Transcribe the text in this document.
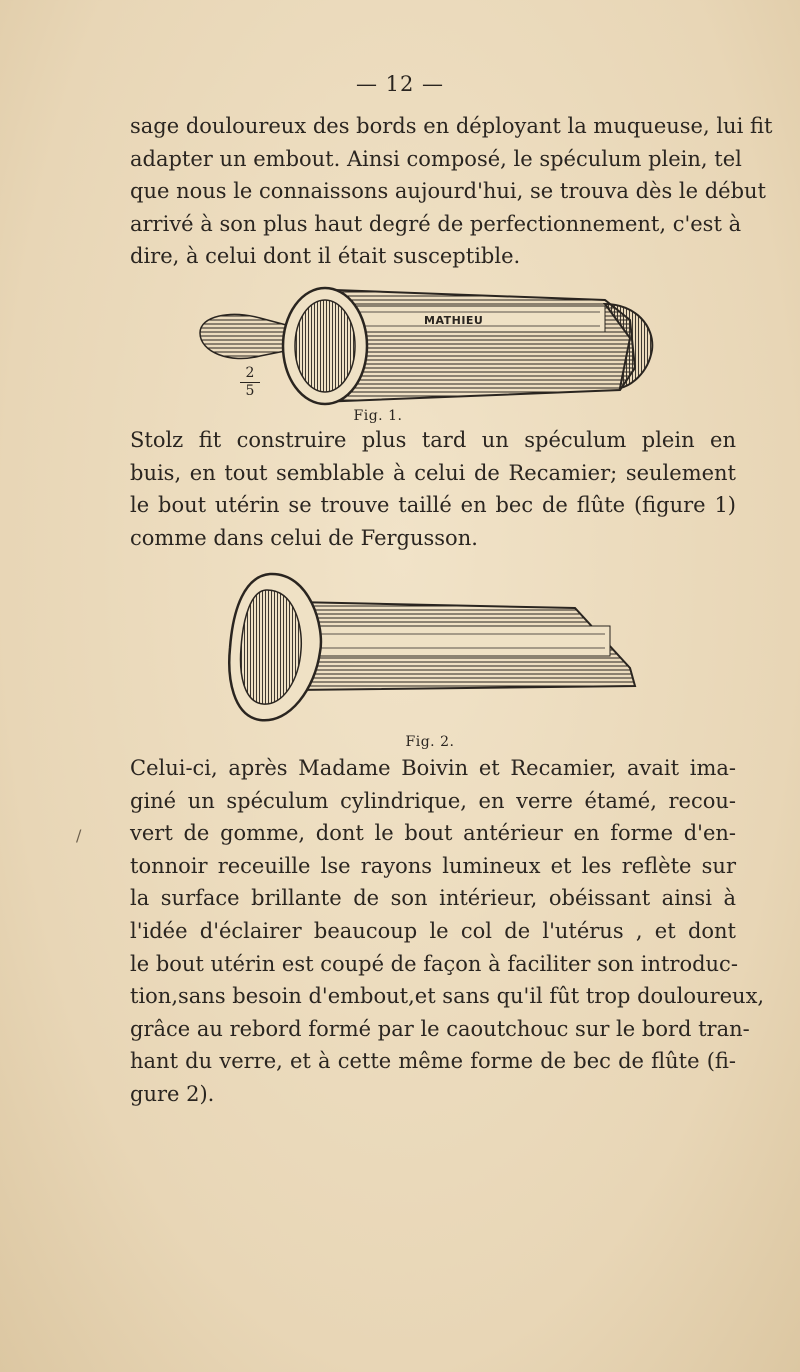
— 12 —
sage douloureux des bords en déployant la muqueuse, lui fit
adapter un embout. Ainsi composé, le spéculum plein, tel
que nous le connaissons aujourd'hui, se trouva dès le début
arrivé à son plus haut degré de perfectionnement, c'est à
dire, à celui dont il était susceptible.
MATHIEU
2
5
Fig. 1.
Stolz fit construire plus tard un spéculum plein en
buis, en tout semblable à celui de Recamier; seulement
le bout utérin se trouve taillé en bec de flûte (figure 1)
comme dans celui de Fergusson.
Fig. 2.
/
Celui-ci, après Madame Boivin et Recamier, avait ima-
giné un spéculum cylindrique, en verre étamé, recou-
vert de gomme, dont le bout antérieur en forme d'en-
tonnoir receuille lse rayons lumineux et les reflète sur
la surface brillante de son intérieur, obéissant ainsi à
l'idée d'éclairer beaucoup le col de l'utérus , et dont
le bout utérin est coupé de façon à faciliter son introduc-
tion,sans besoin d'embout,et sans qu'il fût trop douloureux,
grâce au rebord formé par le caoutchouc sur le bord tran-
hant du verre, et à cette même forme de bec de flûte (fi-
gure 2).
